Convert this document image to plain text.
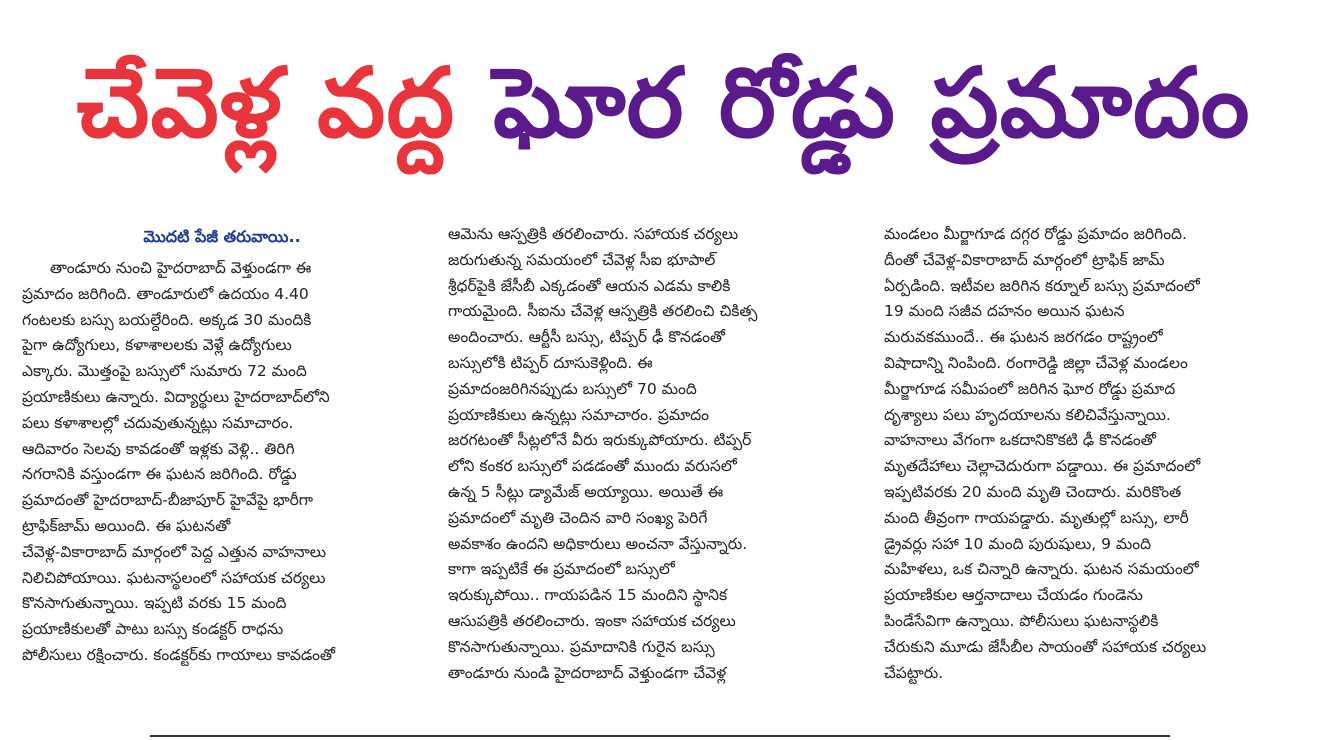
చేవెళ్ల వద్ద ఘోర రోడ్డు ప్రమాదం
మొదటి పేజీ తరువాయి..
తాండూరు నుంచి హైదరాబాద్ వెళ్తుండగా ఈ
ప్రమాదం జరిగింది. తాండూరులో ఉదయం 4.40
గంటలకు బస్సు బయల్దేరింది. అక్కడ 30 మందికి
పైగా ఉద్యోగులు, కళాశాలలకు వెళ్లే ఉద్యోగులు
ఎక్కారు. మొత్తంపై బస్సులో సుమారు 72 మంది
ప్రయాణికులు ఉన్నారు. విద్యార్థులు హైదరాబాద్‌లోని
పలు కళాశాలల్లో చదువుతున్నట్లు సమాచారం.
ఆదివారం సెలవు కావడంతో ఇళ్లకు వెళ్లి.. తిరిగి
నగరానికి వస్తుండగా ఈ ఘటన జరిగింది. రోడ్డు
ప్రమాదంతో హైదరాబాద్-బీజాపూర్ హైవేపై భారీగా
ట్రాఫిక్‌జామ్ అయింది. ఈ ఘటనతో
చేవెళ్ల-వికారాబాద్ మార్గంలో పెద్ద ఎత్తున వాహనాలు
నిలిచిపోయాయి. ఘటనాస్థలంలో సహాయక చర్యలు
కొనసాగుతున్నాయి. ఇప్పటి వరకు 15 మంది
ప్రయాణికులతో పాటు బస్సు కండక్టర్ రాధను
పోలీసులు రక్షించారు. కండక్టర్‌కు గాయాలు కావడంతో
ఆమెను ఆస్పత్రికి తరలించారు. సహాయక చర్యలు
జరుగుతున్న సమయంలో చేవెళ్ల సీఐ భూపాల్
శ్రీధర్‌పైకి జేసీబీ ఎక్కడంతో ఆయన ఎడమ కాలికి
గాయమైంది. సీఐను చేవెళ్ల ఆస్పత్రికి తరలించి చికిత్స
అందించారు. ఆర్టీసీ బస్సు, టిప్పర్ ఢీ కొనడంతో
బస్సులోకి టిప్పర్ దూసుకెళ్లింది. ఈ
ప్రమాదంజరిగినప్పుడు బస్సులో 70 మంది
ప్రయాణికులు ఉన్నట్లు సమాచారం. ప్రమాదం
జరగటంతో సీట్లలోనే వీరు ఇరుక్కుపోయారు. టిప్పర్
లోని కంకర బస్సులో పడడంతో ముందు వరుసలో
ఉన్న 5 సీట్లు డ్యామేజ్ అయ్యాయి. అయితే ఈ
ప్రమాదంలో మృతి చెందిన వారి సంఖ్య పెరిగే
అవకాశం ఉందని అధికారులు అంచనా వేస్తున్నారు.
కాగా ఇప్పటికే ఈ ప్రమాదంలో బస్సులో
ఇరుక్కుపోయి.. గాయపడిన 15 మందిని స్థానిక
ఆసుపత్రికి తరలించారు. ఇంకా సహాయక చర్యలు
కొనసాగుతున్నాయి. ప్రమాదానికి గురైన బస్సు
తాండూరు నుండి హైదరాబాద్ వెళ్తుండగా చేవెళ్ల
మండలం మీర్జాగూడ దగ్గర రోడ్డు ప్రమాదం జరిగింది.
దీంతో చేవెళ్ల-వికారాబాద్ మార్గంలో ట్రాఫిక్ జామ్
ఏర్పడింది. ఇటీవల జరిగిన కర్నూల్ బస్సు ప్రమాదంలో
19 మంది సజీవ దహనం అయిన ఘటన
మరువకముందే.. ఈ ఘటన జరగడం రాష్ట్రంలో
విషాదాన్ని నింపింది. రంగారెడ్డి జిల్లా చేవెళ్ల మండలం
మీర్జాగూడ సమీపంలో జరిగిన ఘోర రోడ్డు ప్రమాద
దృశ్యాలు పలు హృదయాలను కలిచివేస్తున్నాయి.
వాహనాలు వేగంగా ఒకదానికొకటి ఢీ కొనడంతో
మృతదేహాలు చెల్లాచెదురుగా పడ్డాయి. ఈ ప్రమాదంలో
ఇప్పటివరకు 20 మంది మృతి చెందారు. మరికొంత
మంది తీవ్రంగా గాయపడ్డారు. మృతుల్లో బస్సు, లారీ
డ్రైవర్లు సహా 10 మంది పురుషులు, 9 మంది
మహిళలు, ఒక చిన్నారి ఉన్నారు. ఘటన సమయంలో
ప్రయాణికుల ఆర్తనాదాలు చేయడం గుండెను
పిండేసేవిగా ఉన్నాయి. పోలీసులు ఘటనాస్థలికి
చేరుకుని మూడు జేసీబీల సాయంతో సహాయక చర్యలు
చేపట్టారు.
